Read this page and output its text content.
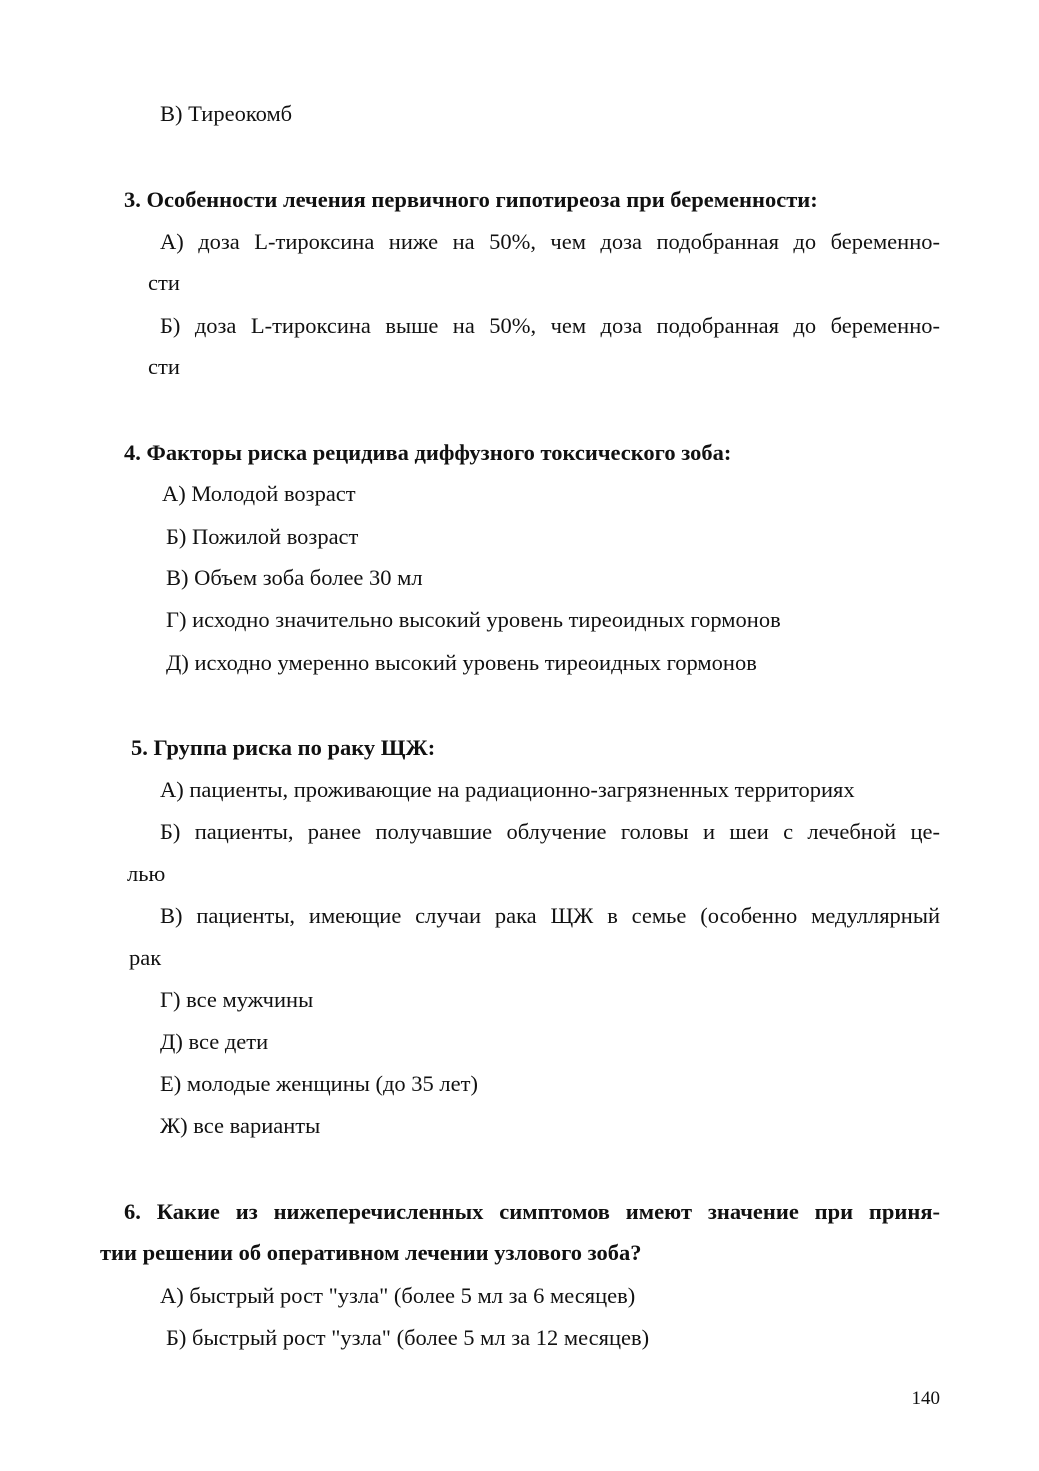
В) Тиреокомб
3. Особенности лечения первичного гипотиреоза при беременности:
А) доза L-тироксина ниже на 50%, чем доза подобранная до беременно-
сти
Б) доза L-тироксина выше на 50%, чем доза подобранная до беременно-
сти
4. Факторы риска рецидива диффузного токсического зоба:
А) Молодой возраст
Б) Пожилой возраст
В) Объем зоба более 30 мл
Г) исходно значительно высокий уровень тиреоидных гормонов
Д) исходно умеренно высокий уровень тиреоидных гормонов
5. Группа риска по раку ЩЖ:
А) пациенты, проживающие на радиационно-загрязненных территориях
Б) пациенты, ранее получавшие облучение головы и шеи с лечебной це-
лью
В) пациенты, имеющие случаи рака ЩЖ в семье (особенно медуллярный
рак
Г) все мужчины
Д) все дети
Е) молодые женщины (до 35 лет)
Ж) все варианты
6. Какие из нижеперечисленных симптомов имеют значение при приня-
тии решении об оперативном лечении узлового зоба?
А) быстрый рост "узла" (более 5 мл за 6 месяцев)
Б) быстрый рост "узла" (более 5 мл за 12 месяцев)
140
